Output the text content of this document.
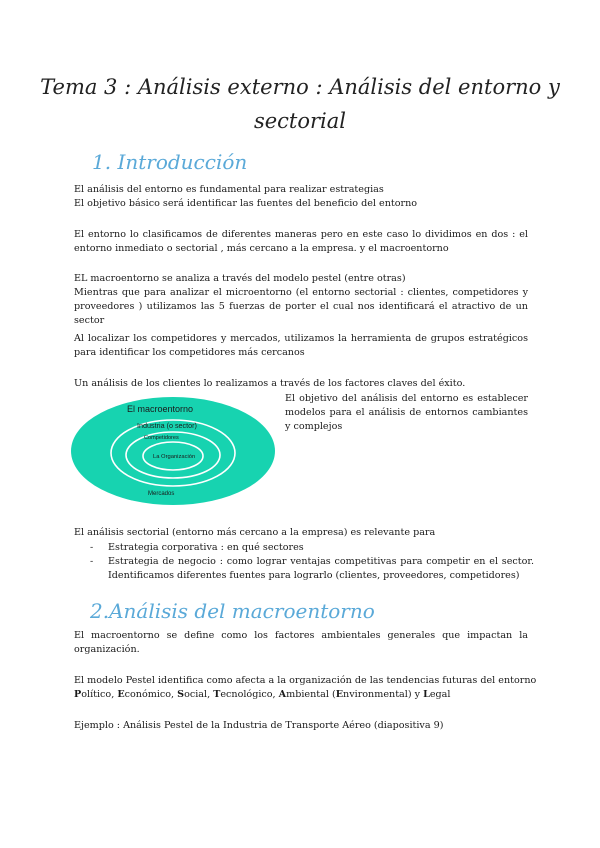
Tema 3 : Análisis externo : Análisis del entorno y sectorial
1. Introducción

El análisis del entorno es fundamental para realizar estrategias

El objetivo básico será identificar las fuentes del beneficio del entorno

El entorno lo clasificamos de diferentes maneras pero en este caso lo dividimos en dos : el entorno inmediato o sectorial , más cercano a la empresa. y el macroentorno

EL macroentorno se analiza a través del modelo pestel (entre otras)

Mientras que para analizar el microentorno (el entorno sectorial : clientes, competidores y proveedores ) utilizamos las 5 fuerzas de porter el cual nos identificará el atractivo de un sector

Al localizar los competidores y mercados, utilizamos la herramienta de grupos estratégicos para identificar los competidores más cercanos

Un análisis de los clientes lo realizamos a través de los factores claves del éxito.

El objetivo del análisis del entorno es establecer modelos para el análisis de entornos cambiantes y complejos

El macroentorno
Industria (o sector)
Competidores
La Organización
Mercados

El análisis sectorial (entorno más cercano a la empresa) es relevante para

- Estrategia corporativa : en qué sectores
- Estrategia de negocio : como lograr ventajas competitivas para competir en el sector. Identificamos diferentes fuentes para lograrlo (clientes, proveedores, competidores)
2.Análisis del macroentorno

El macroentorno se define como los factores ambientales generales que impactan la organización.

El modelo Pestel identifica como afecta a la organización de las tendencias futuras del entorno

Político, Económico, Social, Tecnológico, Ambiental (Environmental) y Legal

Ejemplo : Análisis Pestel de la Industria de Transporte Aéreo (diapositiva 9)
